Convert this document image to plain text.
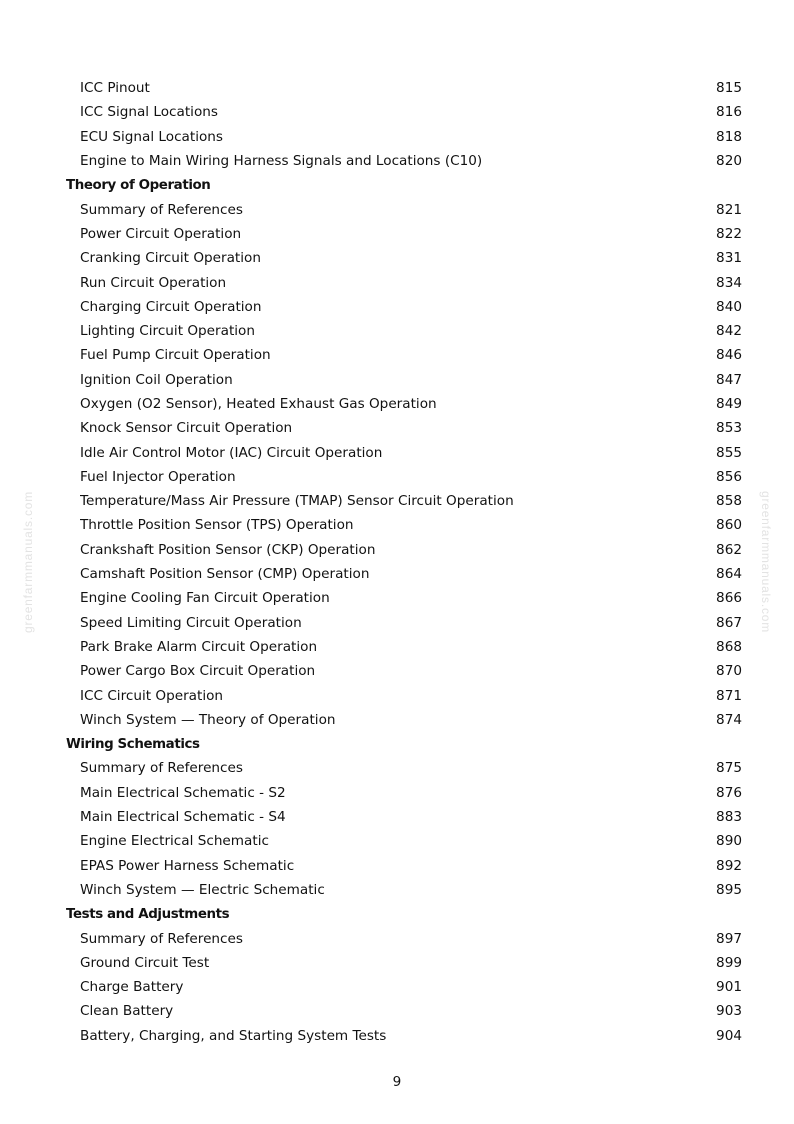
ICC Pinout	815
ICC Signal Locations	816
ECU Signal Locations	818
Engine to Main Wiring Harness Signals and Locations (C10)	820
Theory of Operation
Summary of References	821
Power Circuit Operation	822
Cranking Circuit Operation	831
Run Circuit Operation	834
Charging Circuit Operation	840
Lighting Circuit Operation	842
Fuel Pump Circuit Operation	846
Ignition Coil Operation	847
Oxygen (O2 Sensor), Heated Exhaust Gas Operation	849
Knock Sensor Circuit Operation	853
Idle Air Control Motor (IAC) Circuit Operation	855
Fuel Injector Operation	856
Temperature/Mass Air Pressure (TMAP) Sensor Circuit Operation	858
Throttle Position Sensor (TPS) Operation	860
Crankshaft Position Sensor (CKP) Operation	862
Camshaft Position Sensor (CMP) Operation	864
Engine Cooling Fan Circuit Operation	866
Speed Limiting Circuit Operation	867
Park Brake Alarm Circuit Operation	868
Power Cargo Box Circuit Operation	870
ICC Circuit Operation	871
Winch System — Theory of Operation	874
Wiring Schematics
Summary of References	875
Main Electrical Schematic - S2	876
Main Electrical Schematic - S4	883
Engine Electrical Schematic	890
EPAS Power Harness Schematic	892
Winch System — Electric Schematic	895
Tests and Adjustments
Summary of References	897
Ground Circuit Test	899
Charge Battery	901
Clean Battery	903
Battery, Charging, and Starting System Tests	904
9
greenfarmmanuals.com	greenfarmmanuals.com
